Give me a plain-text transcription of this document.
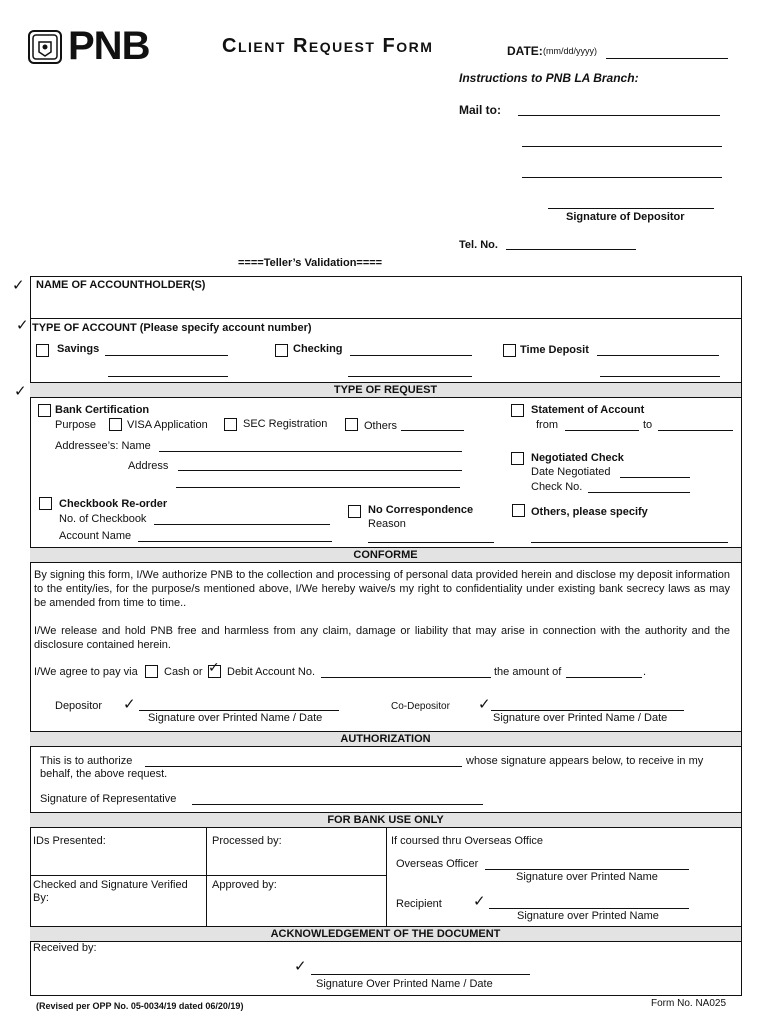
PNB	Client Request Form	DATE: (mm/dd/yyyy)
Instructions to PNB LA Branch:
Mail to:
Signature of Depositor
Tel. No.
====Teller’s Validation====
✓ NAME OF ACCOUNTHOLDER(S)
✓ TYPE OF ACCOUNT (Please specify account number)
Savings	Checking	Time Deposit
✓	TYPE OF REQUEST
Bank Certification
Purpose	VISA Application	SEC Registration	Others
Addressee’s: Name
Address
Statement of Account
from	to
Negotiated Check
Date Negotiated
Check No.
Checkbook Re-order
No. of Checkbook
Account Name
No Correspondence
Reason
Others, please specify
CONFORME
By signing this form, I/We authorize PNB to the collection and processing of personal data provided herein and disclose my deposit information to the entity/ies, for the purpose/s mentioned above, I/We hereby waive/s my right to confidentiality under existing bank secrecy laws as may be amended from time to time..
I/We release and hold PNB free and harmless from any claim, damage or liability that may arise in connection with the authority and the disclosure contained herein.
I/We agree to pay via Cash or ✓ Debit Account No.	the amount of	.
Depositor ✓
Signature over Printed Name / Date
Co-Depositor ✓
Signature over Printed Name / Date
AUTHORIZATION
This is to authorize	whose signature appears below, to receive in my
behalf, the above request.
Signature of Representative
FOR BANK USE ONLY
IDs Presented:	Processed by:	If coursed thru Overseas Office
Checked and Signature Verified By:
Approved by:
Overseas Officer
Signature over Printed Name
Recipient ✓
Signature over Printed Name
ACKNOWLEDGEMENT OF THE DOCUMENT
Received by:
✓
Signature Over Printed Name / Date
(Revised per OPP No. 05-0034/19 dated 06/20/19)	Form No. NA025
